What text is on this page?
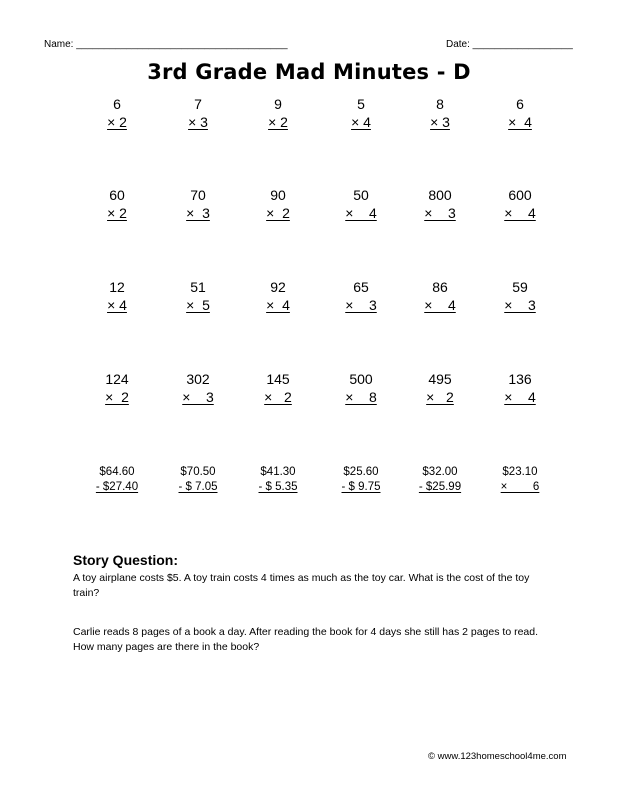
Name: ______________________________________	Date: __________________
3rd Grade Mad Minutes - D
6
× 2
7
× 3
9
× 2
5
× 4
8
× 3
6
×  4
60
× 2
70
×  3
90
×  2
50
×    4
800
×    3
600
×    4
12
× 4
51
×  5
92
×  4
65
×    3
86
×    4
59
×    3
124
×  2
302
×    3
145
×   2
500
×    8
495
×   2
136
×    4
$64.60
- $27.40
$70.50
- $ 7.05
$41.30
- $ 5.35
$25.60
- $ 9.75
$32.00
- $25.99
$23.10
×        6
Story Question:
A toy airplane costs $5. A toy train costs 4 times as much as the toy car. What is the cost of the toy train?
Carlie reads 8 pages of a book a day. After reading the book for 4 days she still has 2 pages to read. How many pages are there in the book?
© www.123homeschool4me.com
